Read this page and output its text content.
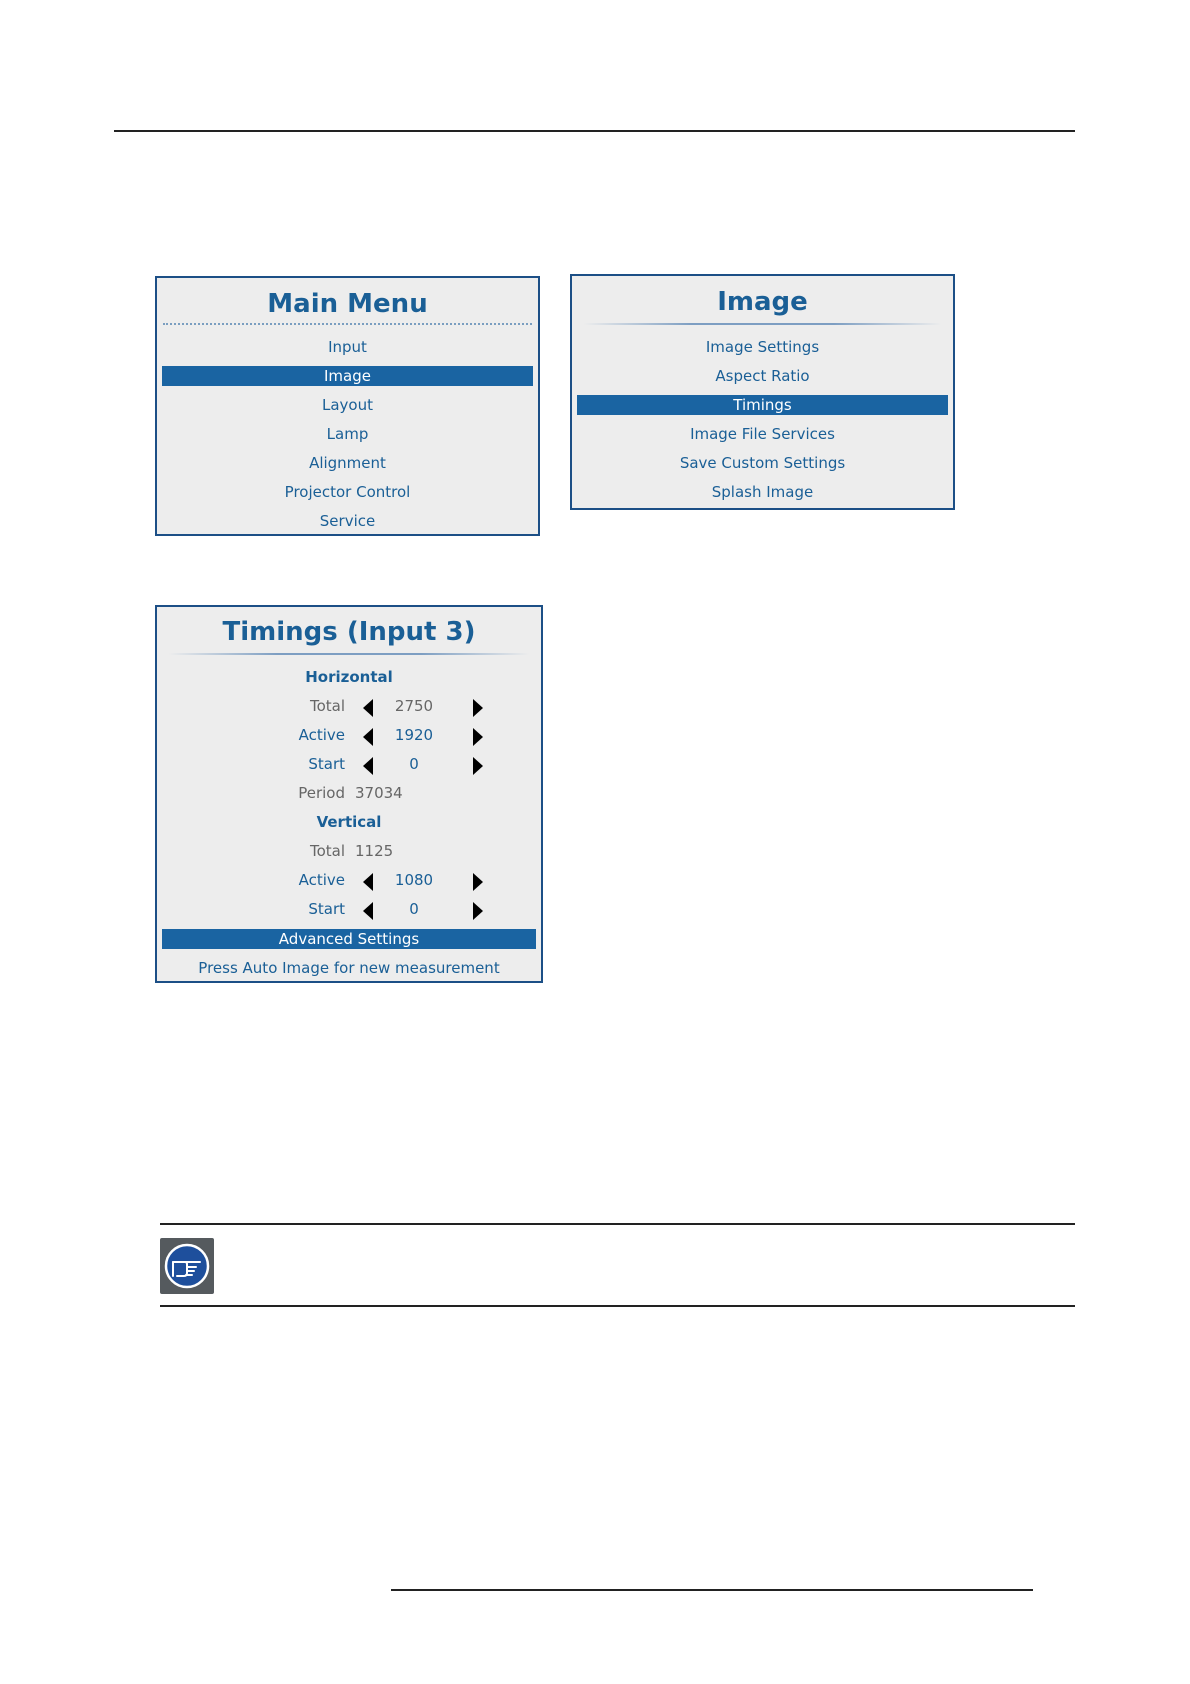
Main Menu
Input
Image
Layout
Lamp
Alignment
Projector Control
Service
Image
Image Settings
Aspect Ratio
Timings
Image File Services
Save Custom Settings
Splash Image
Timings (Input 3)
Horizontal
Total	2750
Active	1920
Start	0
Period 37034
Vertical
Total 1125
Active	1080
Start	0
Advanced Settings
Press Auto Image for new measurement
